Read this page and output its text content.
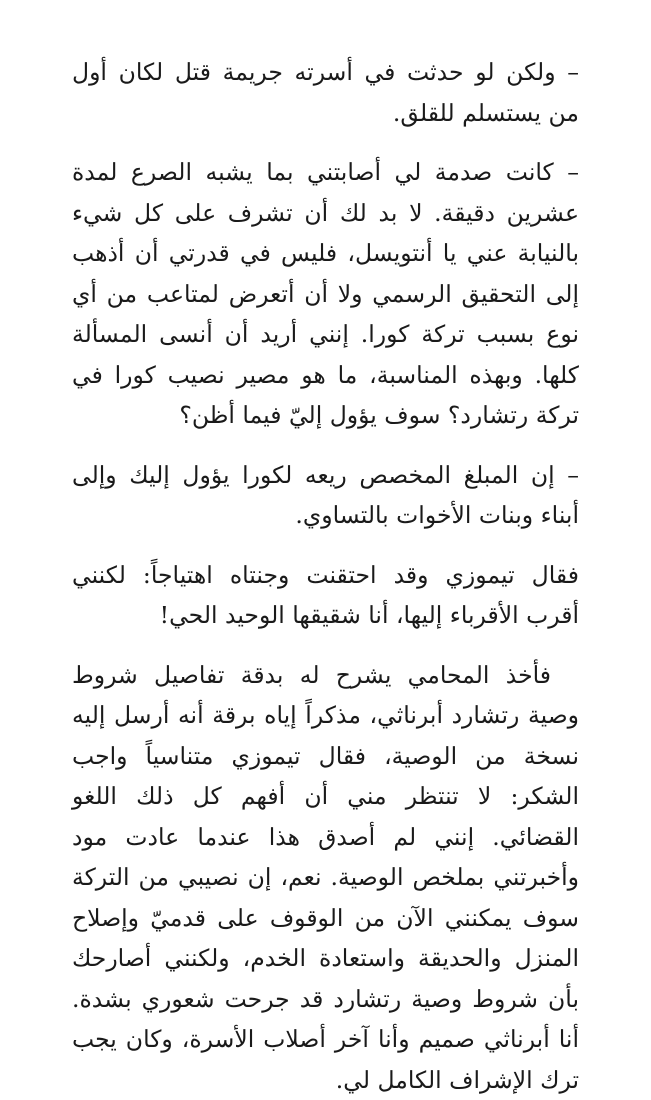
– ولكن لو حدثت في أسرته جريمة قتل لكان أول من يستسلم للقلق.

– كانت صدمة لي أصابتني بما يشبه الصرع لمدة عشرين دقيقة. لا بد لك أن تشرف على كل شيء بالنيابة عني يا أنتويسل، فليس في قدرتي أن أذهب إلى التحقيق الرسمي ولا أن أتعرض لمتاعب من أي نوع بسبب تركة كورا. إنني أريد أن أنسى المسألة كلها. وبهذه المناسبة، ما هو مصير نصيب كورا في تركة رتشارد؟ سوف يؤول إليّ فيما أظن؟

– إن المبلغ المخصص ريعه لكورا يؤول إليك وإلى أبناء وبنات الأخوات بالتساوي.

فقال تيموزي وقد احتقنت وجنتاه اهتياجاً: لكنني أقرب الأقرباء إليها، أنا شقيقها الوحيد الحي!

فأخذ المحامي يشرح له بدقة تفاصيل شروط وصية رتشارد أبرناثي، مذكراً إياه برقة أنه أرسل إليه نسخة من الوصية، فقال تيموزي متناسياً واجب الشكر: لا تنتظر مني أن أفهم كل ذلك اللغو القضائي. إنني لم أصدق هذا عندما عادت مود وأخبرتني بملخص الوصية. نعم، إن نصيبي من التركة سوف يمكنني الآن من الوقوف على قدميّ وإصلاح المنزل والحديقة واستعادة الخدم، ولكنني أصارحك بأن شروط وصية رتشارد قد جرحت شعوري بشدة. أنا أبرناثي صميم وأنا آخر أصلاب الأسرة، وكان يجب ترك الإشراف الكامل لي.
